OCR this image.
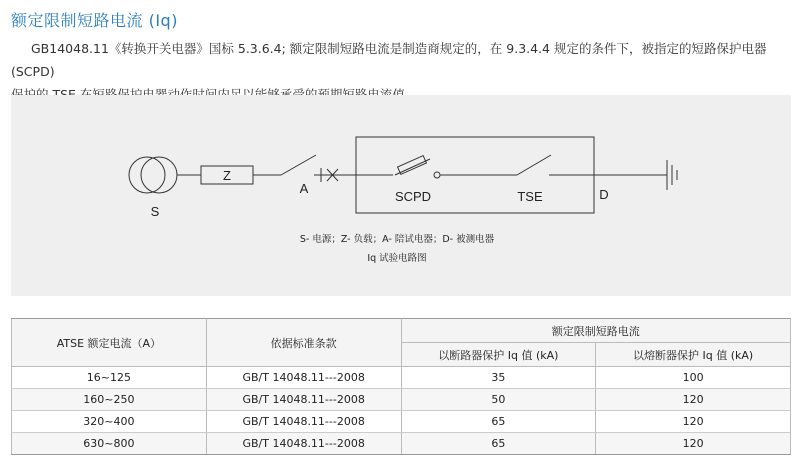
额定限制短路电流 (Iq)
GB14048.11《转换开关电器》国标 5.3.6.4; 额定限制短路电流是制造商规定的，在 9.3.4.4 规定的条件下，被指定的短路保护电器 (SCPD)
S
Z
A
SCPD	TSE	D
S- 电源；Z- 负载；A- 陪试电器；D- 被测电器
Iq 试验电路图
ATSE 额定电流（A）	依据标准条款	额定限制短路电流	
		以断路器保护 Iq 值 (kA)	以熔断器保护 Iq 值 (kA)
16~125	GB/T 14048.11---2008	35	100
160~250	GB/T 14048.11---2008	50	120
320~400	GB/T 14048.11---2008	65	120
630~800	GB/T 14048.11---2008	65	120
